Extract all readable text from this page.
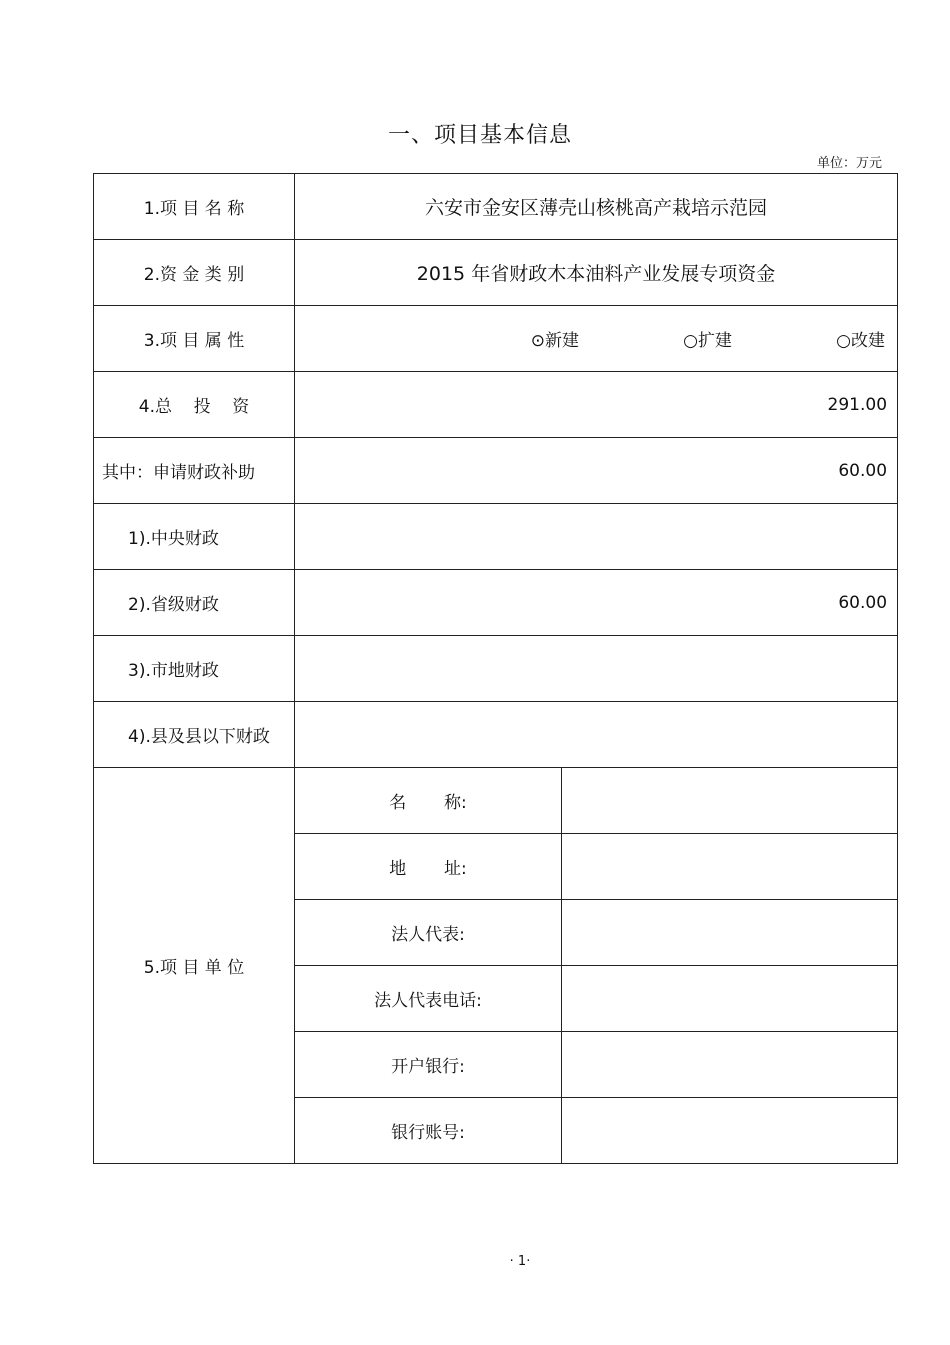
一、项目基本信息
单位：万元
1.项 目 名 称	六安市金安区薄壳山核桃高产栽培示范园	
2.资 金 类 别	2015 年省财政木本油料产业发展专项资金	
3.项 目 属 性	⊙新建 ○扩建 ○改建	

4.总    投    资	291.00	
其中：申请财政补助	60.00	
1).中央财政		
2).省级财政	60.00	
3).市地财政		
4).县及县以下财政		
5.项 目 单 位	名       称:	
	地       址:	
	法人代表:	
	法人代表电话:	
	开户银行:	
	银行账号:	
· 1·
